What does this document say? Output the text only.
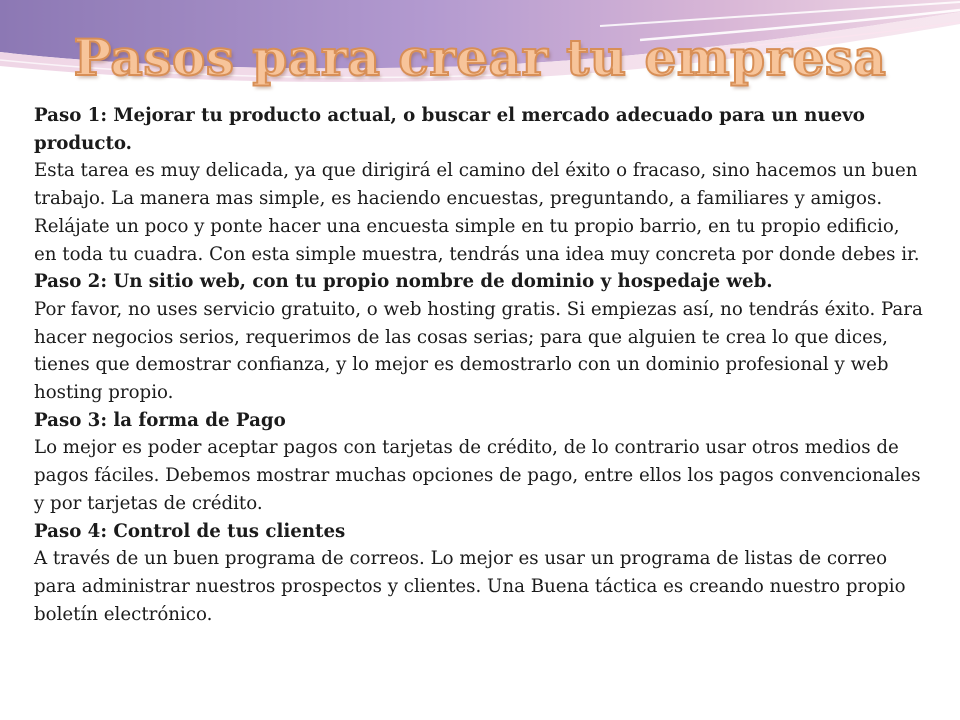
Pasos para crear tu empresa

Paso 1: Mejorar tu producto actual, o buscar el mercado adecuado para un nuevo producto.

Esta tarea es muy delicada, ya que dirigirá el camino del éxito o fracaso, sino hacemos un buen trabajo. La manera mas simple, es haciendo encuestas, preguntando, a familiares y amigos.

Relájate un poco y ponte hacer una encuesta simple en tu propio barrio, en tu propio edificio, en toda tu cuadra. Con esta simple muestra, tendrás una idea muy concreta por donde debes ir.

Paso 2: Un sitio web, con tu propio nombre de dominio y hospedaje web.

Por favor, no uses servicio gratuito, o web hosting gratis. Si empiezas así, no tendrás éxito. Para hacer negocios serios, requerimos de las cosas serias; para que alguien te crea lo que dices, tienes que demostrar confianza, y lo mejor es demostrarlo con un dominio profesional y web hosting propio.

Paso 3: la forma de Pago

Lo mejor es poder aceptar pagos con tarjetas de crédito, de lo contrario usar otros medios de pagos fáciles. Debemos mostrar muchas opciones de pago, entre ellos los pagos convencionales y por tarjetas de crédito.

Paso 4: Control de tus clientes

A través de un buen programa de correos. Lo mejor es usar un programa de listas de correo para administrar nuestros prospectos y clientes. Una Buena táctica es creando nuestro propio boletín electrónico.
